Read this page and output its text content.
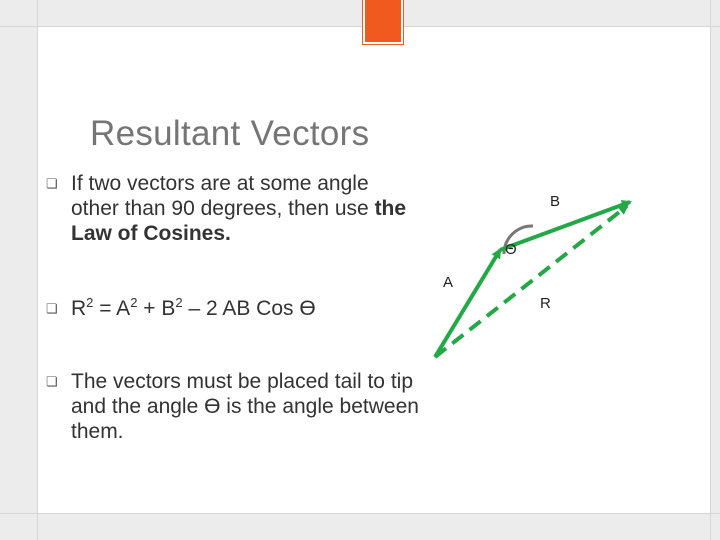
Resultant Vectors
❏ If two vectors are at some angle other than 90 degrees, then use the Law of Cosines.
❏ $R^2 = A^2 + B^2 - 2$ AB Cos ϴ
❏ The vectors must be placed tail to tip and the angle ϴ is the angle between them.
B
Θ
A
R
